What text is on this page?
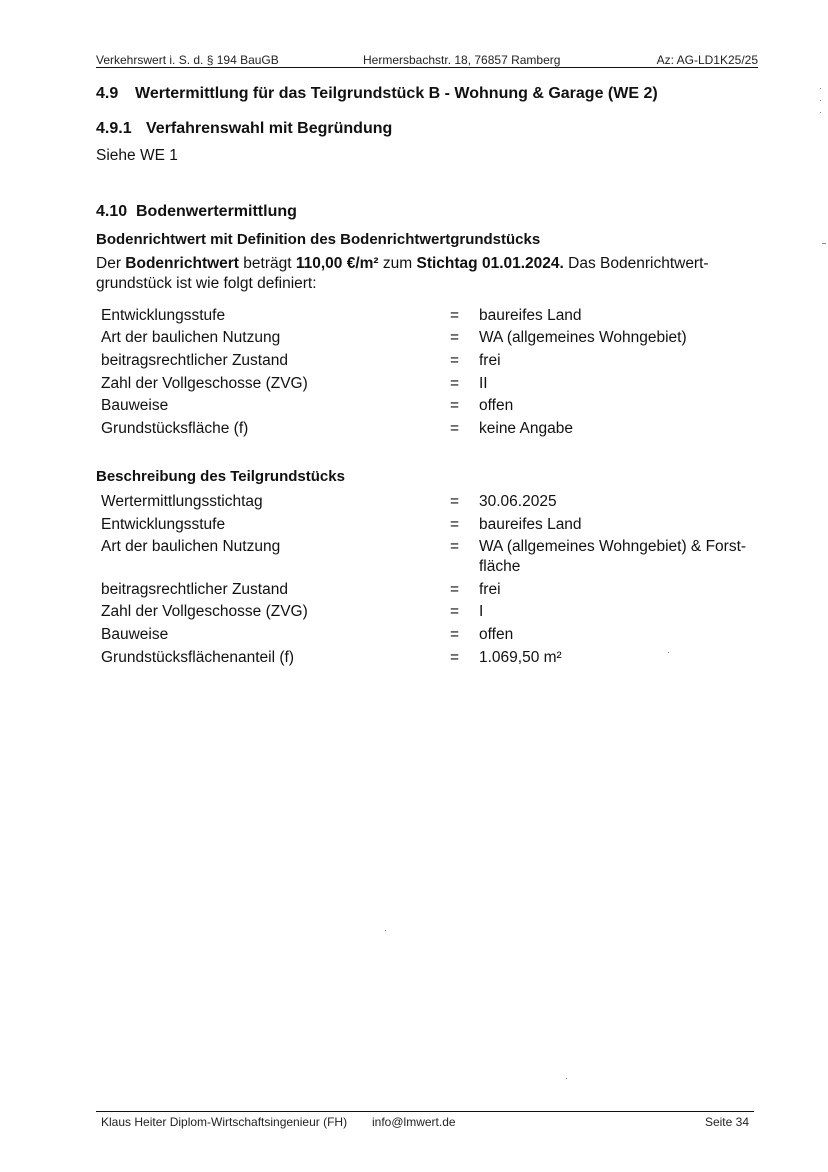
Verkehrswert i. S. d. § 194 BauGB	Hermersbachstr. 18, 76857 Ramberg	Az: AG-LD1K25/25
4.9 Wertermittlung für das Teilgrundstück B - Wohnung & Garage (WE 2)
4.9.1 Verfahrenswahl mit Begründung
Siehe WE 1
4.10 Bodenwertermittlung
Bodenrichtwert mit Definition des Bodenrichtwertgrundstücks
Der Bodenrichtwert beträgt 110,00 €/m² zum Stichtag 01.01.2024. Das Bodenrichtwert-grundstück ist wie folgt definiert:
Entwicklungsstufe	= baureifes Land
Art der baulichen Nutzung	= WA (allgemeines Wohngebiet)
beitragsrechtlicher Zustand	= frei
Zahl der Vollgeschosse (ZVG)	= II
Bauweise	= offen
Grundstücksfläche (f)	= keine Angabe
Beschreibung des Teilgrundstücks
Wertermittlungsstichtag	= 30.06.2025
Entwicklungsstufe	= baureifes Land
Art der baulichen Nutzung	= WA (allgemeines Wohngebiet) & Forst-
fläche
beitragsrechtlicher Zustand	= frei
Zahl der Vollgeschosse (ZVG)	= I
Bauweise	= offen
Grundstücksflächenanteil (f)	= 1.069,50 m²
Klaus Heiter Diplom-Wirtschaftsingenieur (FH) info@lmwert.de	Seite 34
